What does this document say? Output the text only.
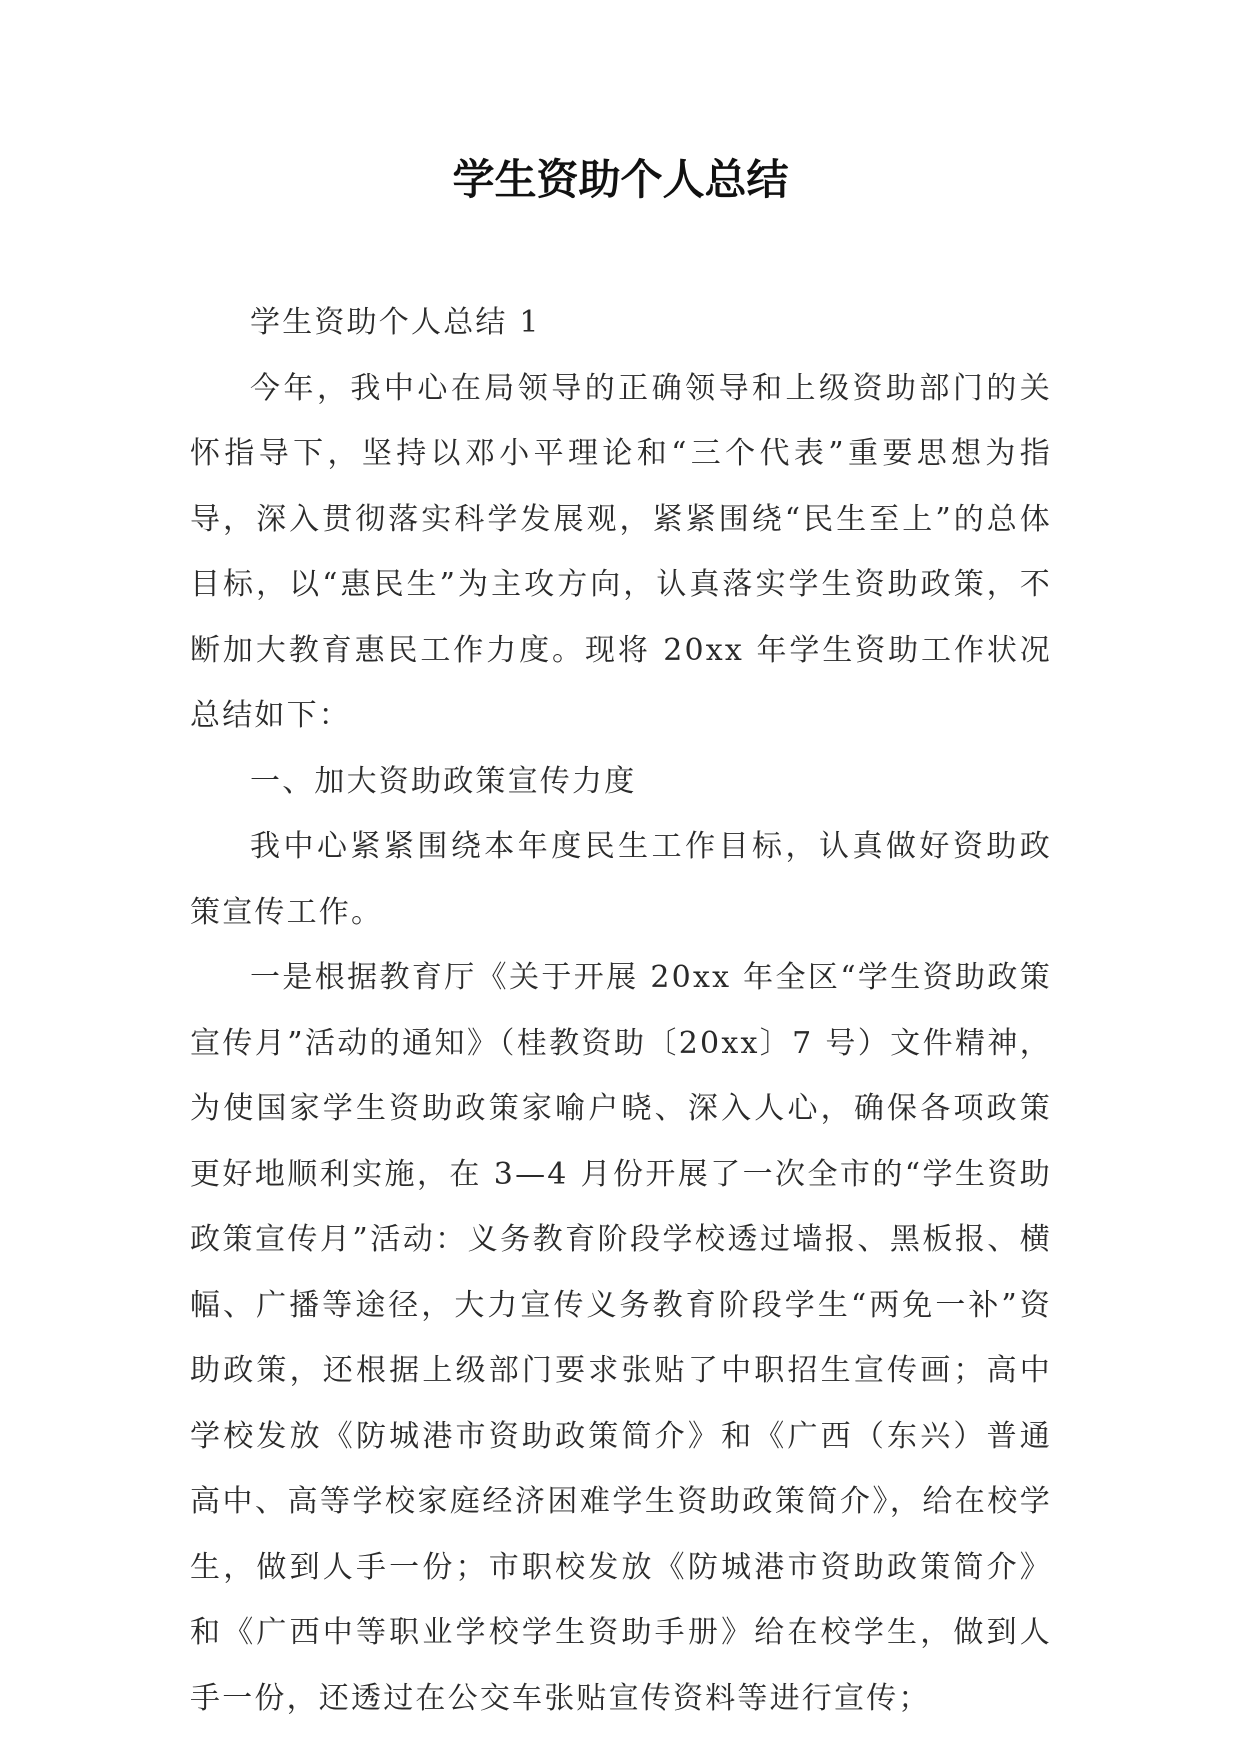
学生资助个人总结

学生资助个人总结 1

今年，我中心在局领导的正确领导和上级资助部门的关怀指导下，坚持以邓小平理论和“三个代表”重要思想为指导，深入贯彻落实科学发展观，紧紧围绕“民生至上”的总体目标，以“惠民生”为主攻方向，认真落实学生资助政策，不断加大教育惠民工作力度。现将 20xx 年学生资助工作状况总结如下：

一、加大资助政策宣传力度

我中心紧紧围绕本年度民生工作目标，认真做好资助政策宣传工作。

一是根据教育厅《关于开展 20xx 年全区“学生资助政策宣传月”活动的通知》（桂教资助〔20xx〕7 号）文件精神，为使国家学生资助政策家喻户晓、深入人心，确保各项政策更好地顺利实施，在 3—4 月份开展了一次全市的“学生资助政策宣传月”活动：义务教育阶段学校透过墙报、黑板报、横幅、广播等途径，大力宣传义务教育阶段学生“两免一补”资助政策，还根据上级部门要求张贴了中职招生宣传画；高中学校发放《防城港市资助政策简介》和《广西（东兴）普通高中、高等学校家庭经济困难学生资助政策简介》，给在校学生，做到人手一份；市职校发放《防城港市资助政策简介》和《广西中等职业学校学生资助手册》给在校学生，做到人手一份，还透过在公交车张贴宣传资料等进行宣传；
